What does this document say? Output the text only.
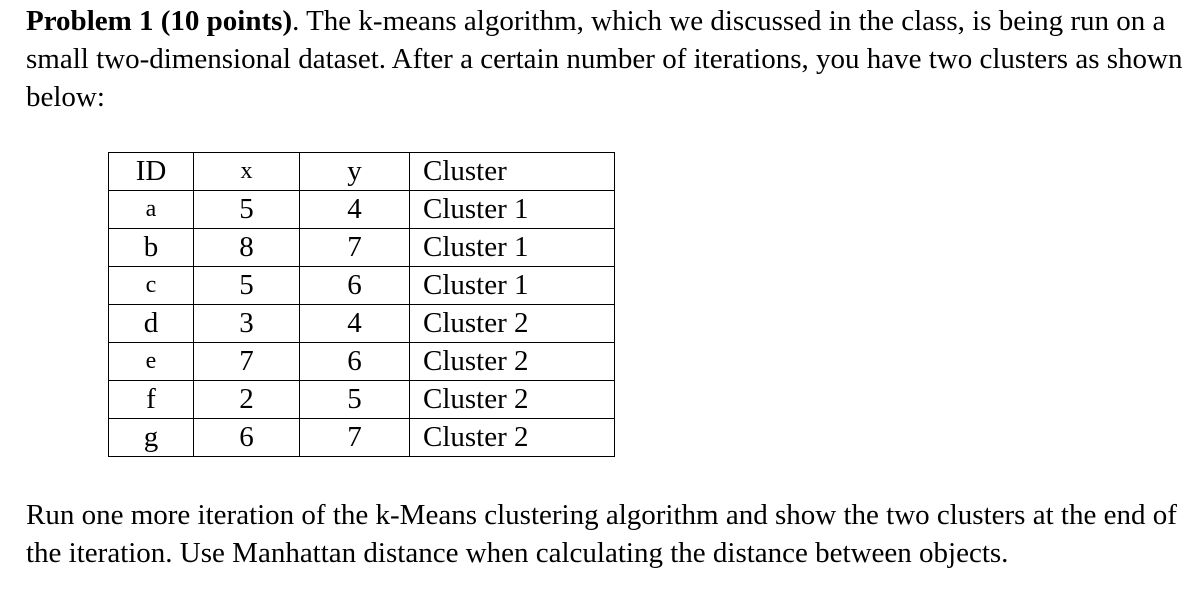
Problem 1 (10 points). The k-means algorithm, which we discussed in the class, is being run on a small two-dimensional dataset. After a certain number of iterations, you have two clusters as shown below:

ID	x	y	Cluster
a	5	4	Cluster 1
b	8	7	Cluster 1
c	5	6	Cluster 1
d	3	4	Cluster 2
e	7	6	Cluster 2
f	2	5	Cluster 2
g	6	7	Cluster 2

Run one more iteration of the k-Means clustering algorithm and show the two clusters at the end of the iteration. Use Manhattan distance when calculating the distance between objects.
